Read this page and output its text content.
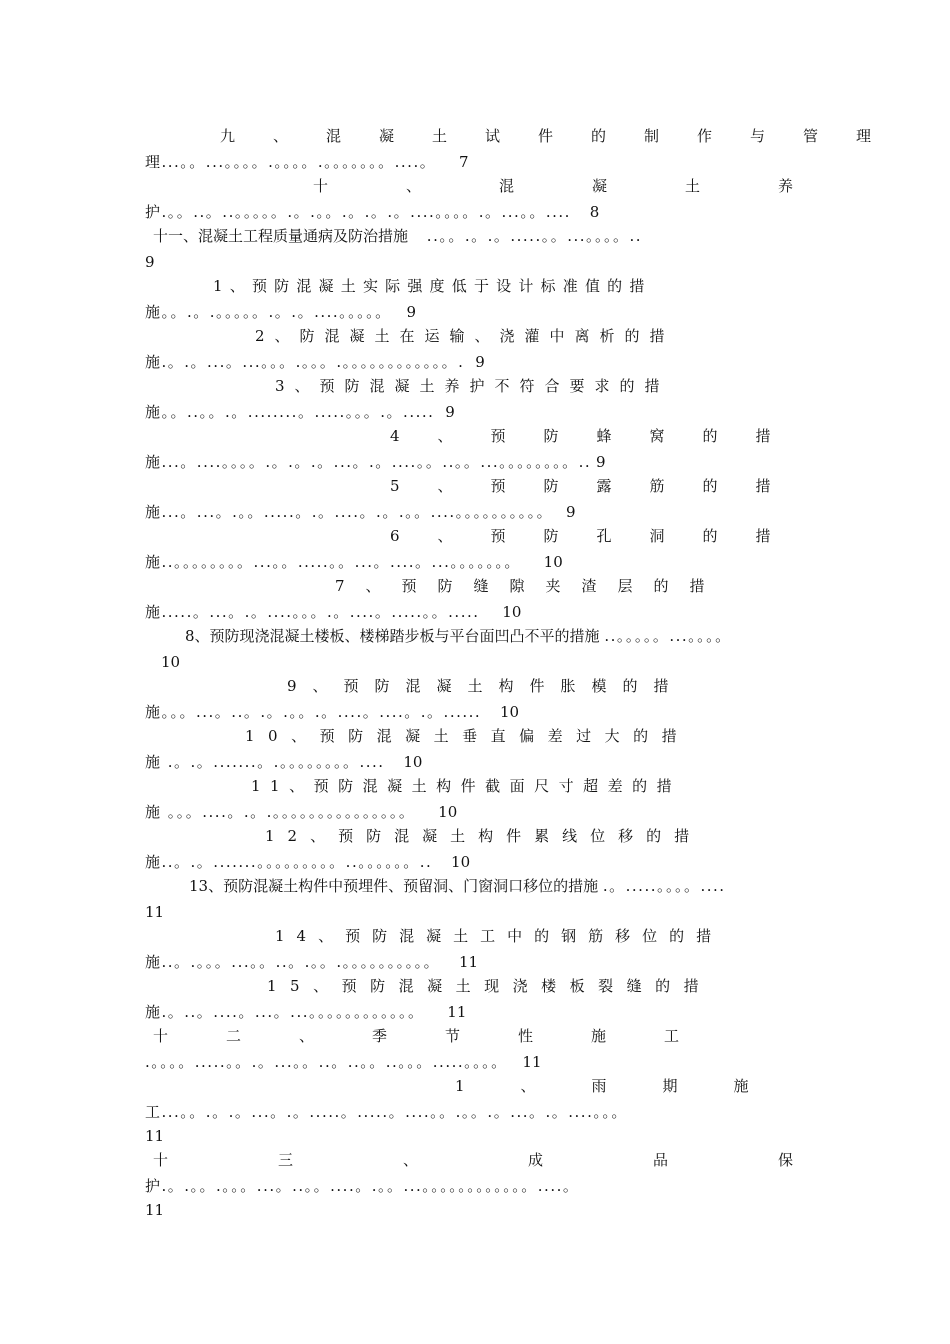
九、混凝土试件的制作与管理
理...。。...。。。。.。。。。.。。。。。。。....。 7
十、混凝土养
护.。。..。..。。。。。.。.。。.。.。.。....。。。。.。...。。.... 8
十一、混凝土工程质量通病及防治措施 ..。。.。.。.....。。...。。。。..
9
1、预防混凝土实际强度低于设计标准值的措
施。。.。.。。。。。.。.。....。。。。。 9
2、防混凝土在运输、浇灌中离析的措
施.。.。...。...。。。.。。。.。。。。。。。。。。。。. 9
3、预防混凝土养护不符合要求的措
施。。..。。.。........。.....。。。.。..... 9
4、预防蜂窝的措
施...。....。。。。.。.。.。...。.。....。。..。。...。。。。。。。。.. 9
5、预防露筋的措
施...。...。.。。.....。.。....。.。.。。....。。。。。。。。。。 9
6、预防孔洞的措
施..。。。。。。。。...。。.....。。...。....。...。。。。。。。 10
7、预防缝隙夹渣层的措
施.....。...。.。....。。。.。....。.....。。..... 10
8、预防现浇混凝土楼板、楼梯踏步板与平台面凹凸不平的措施 ..。。。。。...。。。。
10
9、预防混凝土构件胀模的措
施。。。...。..。.。.。。.。....。....。.。...... 10
10、预防混凝土垂直偏差过大的措
施 .。.。.......。.。。。。。。。。.... 10
11、预防混凝土构件截面尺寸超差的措
施 。。。....。.。.。。。。。。。。。。。。。。。 10
12、预防混凝土构件累线位移的措
施..。.。.......。。。。。。。。。..。。。。。。.. 10
13、预防混凝土构件中预埋件、预留洞、门窗洞口移位的措施 .。.....。。。。....
11
14、预防混凝土工中的钢筋移位的措
施..。.。。。...。。..。.。。.。。。。。。。。。。 11
15、预防混凝土现浇楼板裂缝的措
施.。..。....。...。...。。。。。。。。。。。。 11
十二、季节性施工
.。。。。.....。。.。...。。..。..。。..。。。.....。。。。 11
1、雨期施
工...。。.。.。...。.。.....。.....。....。。.。。.。...。.。....。。。
11
十三、成品保
护.。.。。.。。。...。..。。....。.。。...。。。。。。。。。。。。....。
11
